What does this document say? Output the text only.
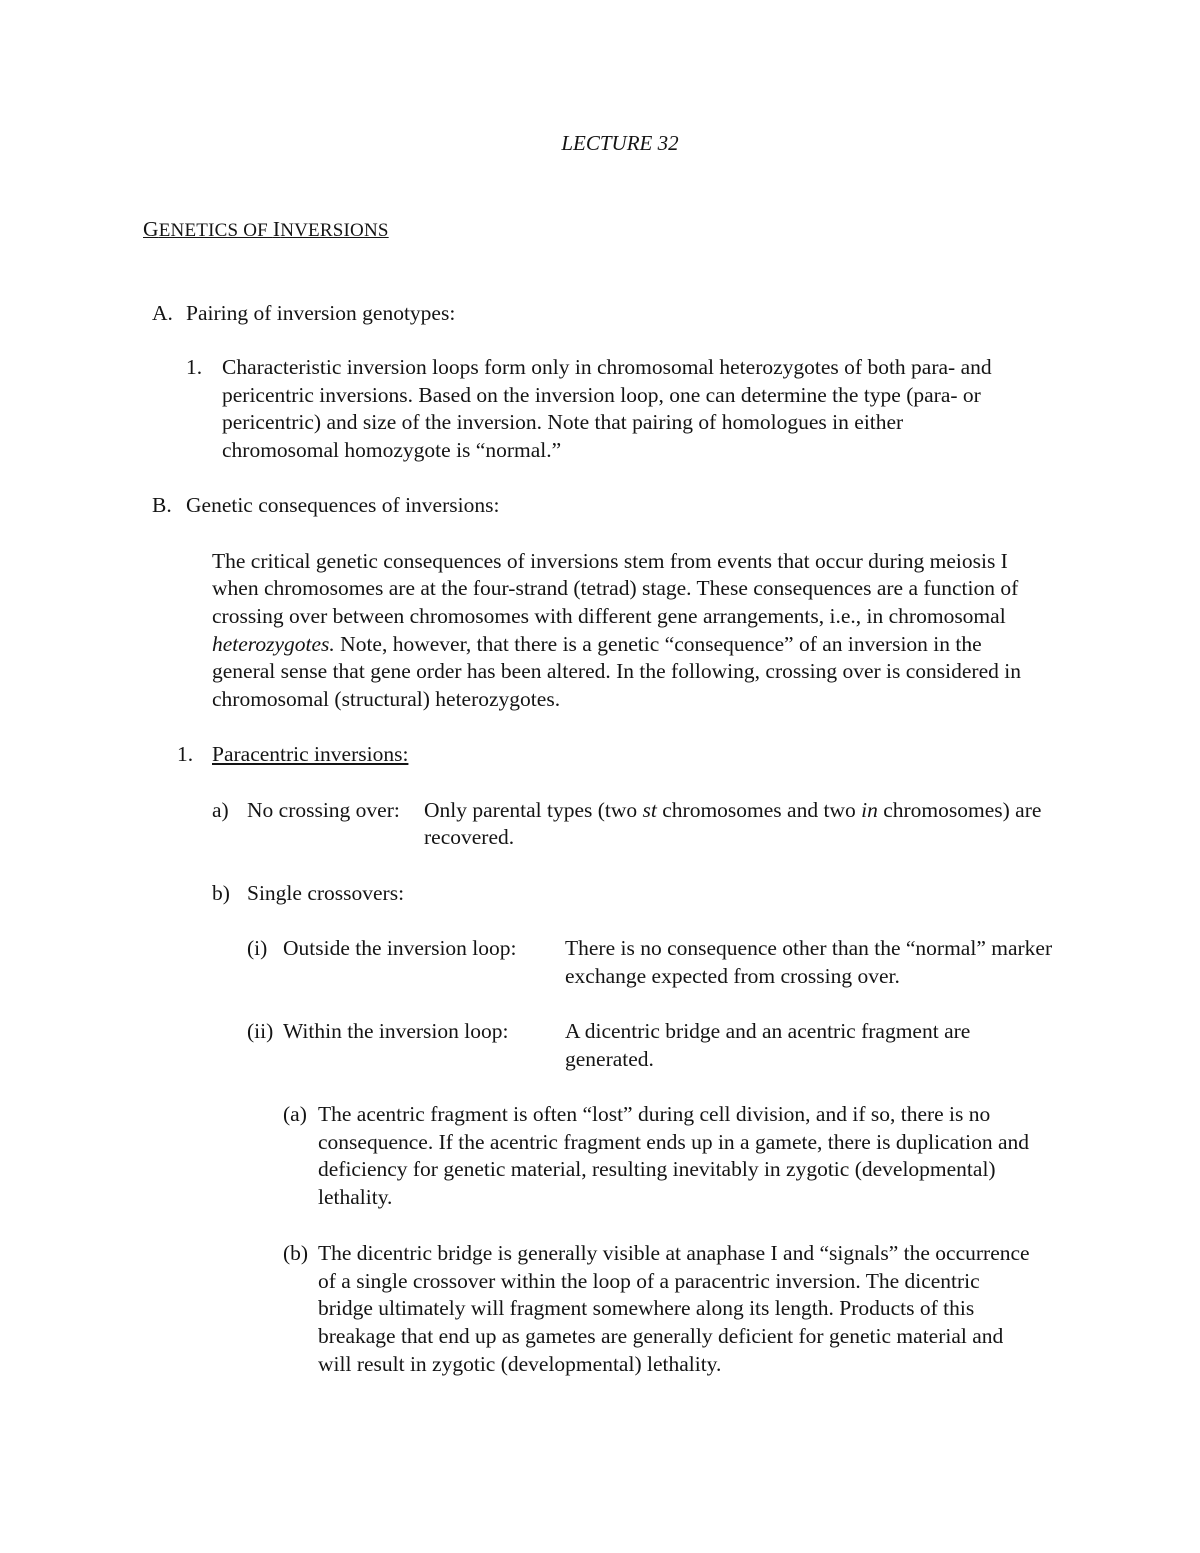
LECTURE 32
GENETICS OF INVERSIONS
A. Pairing of inversion genotypes:
1. Characteristic inversion loops form only in chromosomal heterozygotes of both para- and
pericentric inversions. Based on the inversion loop, one can determine the type (para- or
pericentric) and size of the inversion. Note that pairing of homologues in either
chromosomal homozygote is “normal.”
B. Genetic consequences of inversions:
The critical genetic consequences of inversions stem from events that occur during meiosis I
when chromosomes are at the four-strand (tetrad) stage. These consequences are a function of
crossing over between chromosomes with different gene arrangements, i.e., in chromosomal
heterozygotes. Note, however, that there is a genetic “consequence” of an inversion in the
general sense that gene order has been altered. In the following, crossing over is considered in
chromosomal (structural) heterozygotes.
1. Paracentric inversions:
a) No crossing over: Only parental types (two st chromosomes and two in chromosomes) are
recovered.
b) Single crossovers:
(i) Outside the inversion loop: There is no consequence other than the “normal” marker
exchange expected from crossing over.
(ii) Within the inversion loop:	A dicentric bridge and an acentric fragment are
generated.
(a) The acentric fragment is often “lost” during cell division, and if so, there is no
consequence. If the acentric fragment ends up in a gamete, there is duplication and
deficiency for genetic material, resulting inevitably in zygotic (developmental)
lethality.
(b) The dicentric bridge is generally visible at anaphase I and “signals” the occurrence
of a single crossover within the loop of a paracentric inversion. The dicentric
bridge ultimately will fragment somewhere along its length. Products of this
breakage that end up as gametes are generally deficient for genetic material and
will result in zygotic (developmental) lethality.
